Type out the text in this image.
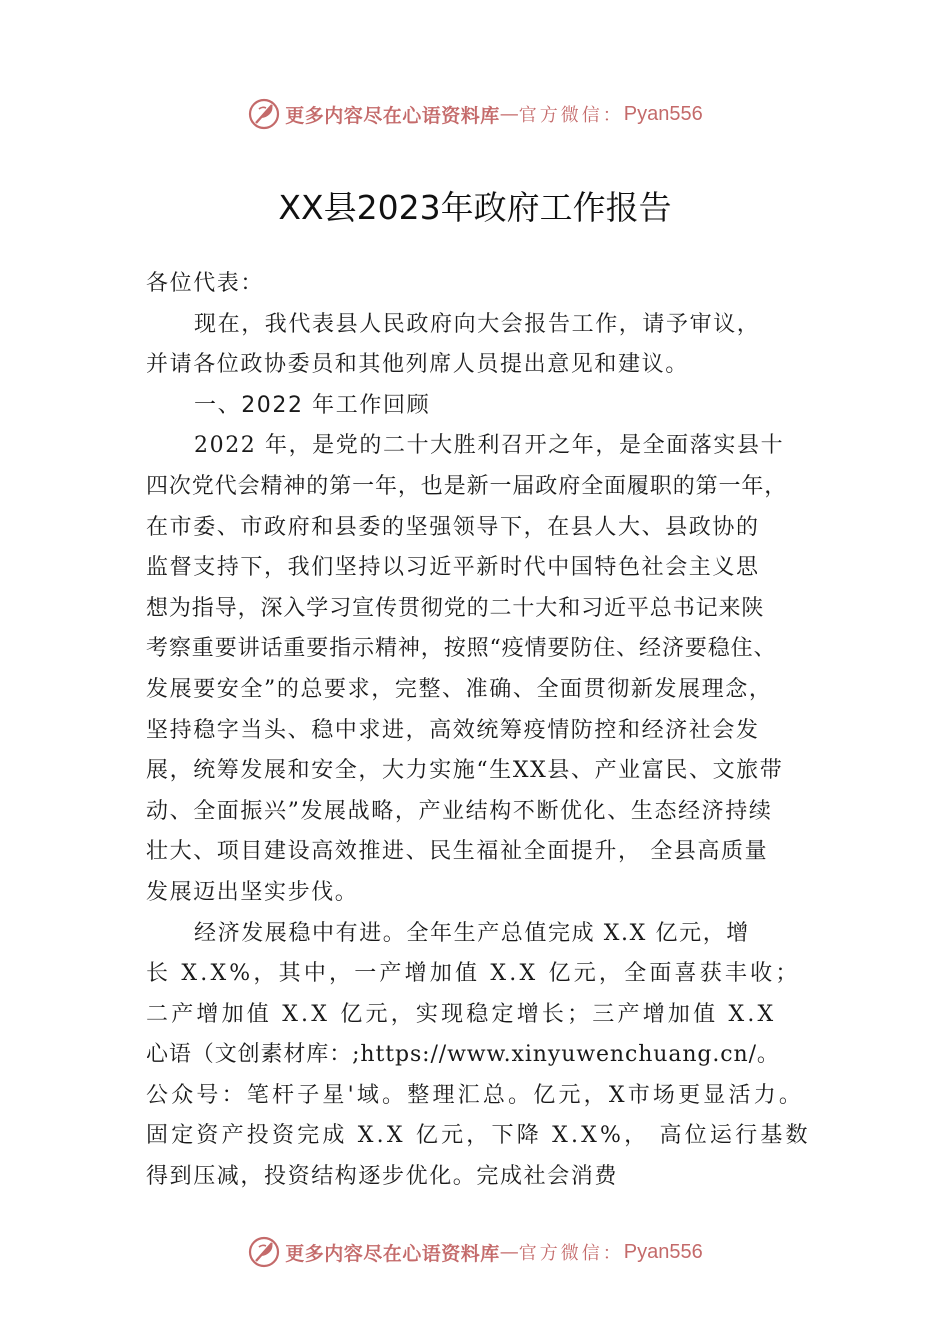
更多内容尽在心语资料库 — 官方微信： Pyan556
XX县2023年政府工作报告
各位代表：
现在，我代表县人民政府向大会报告工作，请予审议，
并请各位政协委员和其他列席人员提出意见和建议。
一、2022 年工作回顾
2022 年，是党的二十大胜利召开之年，是全面落实县十
四次党代会精神的第一年，也是新一届政府全面履职的第一年，
在市委、市政府和县委的坚强领导下，在县人大、县政协的
监督支持下，我们坚持以习近平新时代中国特色社会主义思
想为指导，深入学习宣传贯彻党的二十大和习近平总书记来陕
考察重要讲话重要指示精神，按照“疫情要防住、经济要稳住、
发展要安全”的总要求，完整、准确、全面贯彻新发展理念，
坚持稳字当头、稳中求进，高效统筹疫情防控和经济社会发
展，统筹发展和安全，大力实施“生XX县、产业富民、文旅带
动、全面振兴”发展战略，产业结构不断优化、生态经济持续
壮大、项目建设高效推进、民生福祉全面提升， 全县高质量
发展迈出坚实步伐。
经济发展稳中有进。全年生产总值完成 X.X 亿元，增
长 X.X%，其中，一产增加值 X.X 亿元，全面喜获丰收；
二产增加值 X.X 亿元，实现稳定增长；三产增加值 X.X
心语（文创素材库：;https://www.xinyuwenchuang.cn/。
公众号：笔杆子星'域。整理汇总。亿元，X市场更显活力。
固定资产投资完成 X.X 亿元，下降 X.X%， 高位运行基数
得到压减，投资结构逐步优化。完成社会消费
更多内容尽在心语资料库 — 官方微信： Pyan556
